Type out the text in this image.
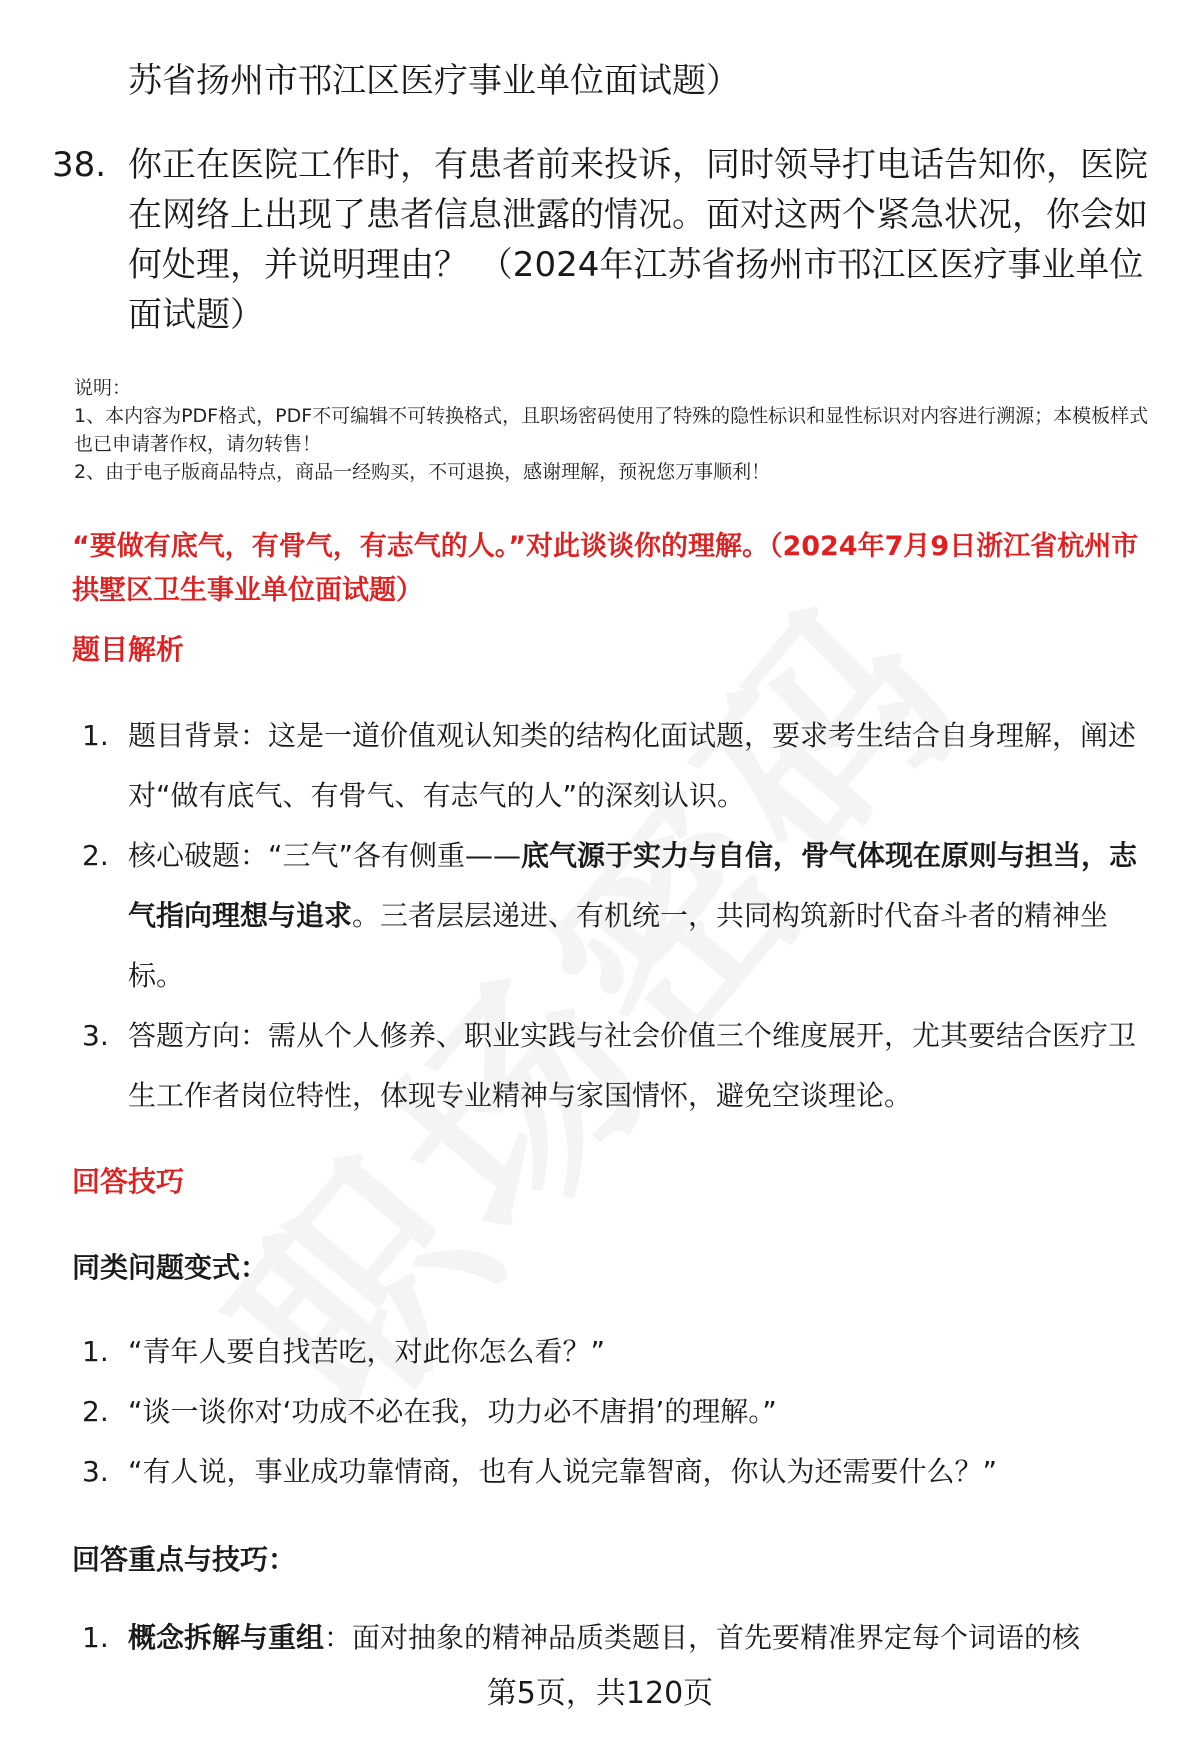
苏省扬州市邗江区医疗事业单位面试题）
38. 你正在医院工作时，有患者前来投诉，同时领导打电话告知你，医院在网络上出现了患者信息泄露的情况。面对这两个紧急状况，你会如何处理，并说明理由？ （2024年江苏省扬州市邗江区医疗事业单位面试题）
说明：
1、本内容为PDF格式，PDF不可编辑不可转换格式，且职场密码使用了特殊的隐性标识和显性标识对内容进行溯源；本模板样式也已申请著作权，请勿转售！
2、由于电子版商品特点，商品一经购买，不可退换，感谢理解，预祝您万事顺利！
“要做有底气，有骨气，有志气的人。”对此谈谈你的理解。（2024年7月9日浙江省杭州市拱墅区卫生事业单位面试题）
题目解析
1. 题目背景：这是一道价值观认知类的结构化面试题，要求考生结合自身理解，阐述对“做有底气、有骨气、有志气的人”的深刻认识。
2. 核心破题：“三气”各有侧重——底气源于实力与自信，骨气体现在原则与担当，志气指向理想与追求。三者层层递进、有机统一，共同构筑新时代奋斗者的精神坐标。
3. 答题方向：需从个人修养、职业实践与社会价值三个维度展开，尤其要结合医疗卫生工作者岗位特性，体现专业精神与家国情怀，避免空谈理论。
回答技巧
同类问题变式：
1. “青年人要自找苦吃，对此你怎么看？”
2. “谈一谈你对‘功成不必在我，功力必不唐捐’的理解。”
3. “有人说，事业成功靠情商，也有人说完靠智商，你认为还需要什么？”
回答重点与技巧：
1. 概念拆解与重组：面对抽象的精神品质类题目，首先要精准界定每个词语的核
第5页，共120页
